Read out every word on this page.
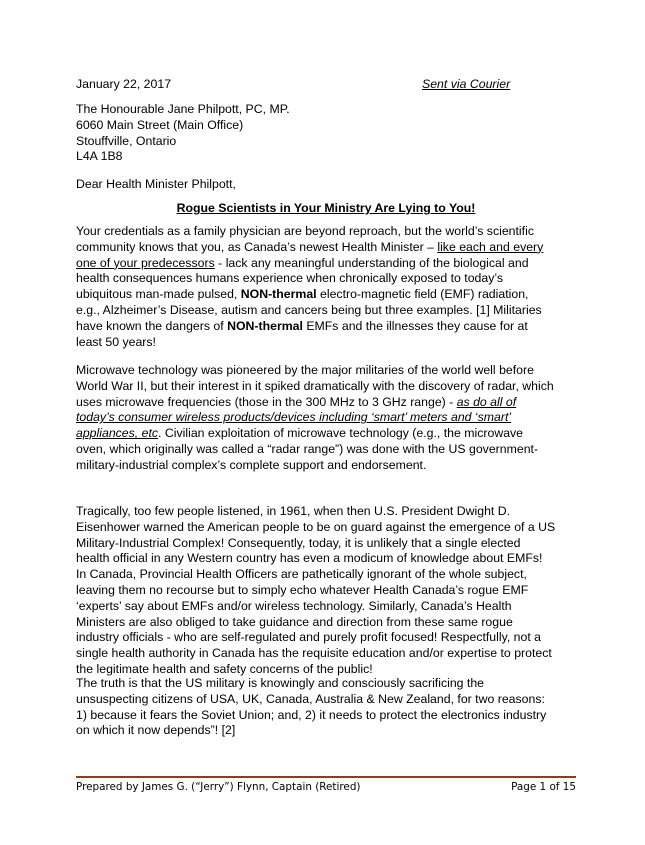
January 22, 2017	Sent via Courier
The Honourable Jane Philpott, PC, MP.
6060 Main Street (Main Office)
Stouffville, Ontario
L4A 1B8
Dear Health Minister Philpott,
Rogue Scientists in Your Ministry Are Lying to You!
Your credentials as a family physician are beyond reproach, but the world’s scientific
community knows that you, as Canada’s newest Health Minister – like each and every
one of your predecessors - lack any meaningful understanding of the biological and
health consequences humans experience when chronically exposed to today’s
ubiquitous man-made pulsed, NON-thermal electro-magnetic field (EMF) radiation,
e.g., Alzheimer’s Disease, autism and cancers being but three examples. [1] Militaries
have known the dangers of NON-thermal EMFs and the illnesses they cause for at
least 50 years!
Microwave technology was pioneered by the major militaries of the world well before
World War II, but their interest in it spiked dramatically with the discovery of radar, which
uses microwave frequencies (those in the 300 MHz to 3 GHz range) - as do all of
today’s consumer wireless products/devices including ‘smart’ meters and ‘smart’
appliances, etc. Civilian exploitation of microwave technology (e.g., the microwave
oven, which originally was called a “radar range”) was done with the US government-
military-industrial complex’s complete support and endorsement.
Tragically, too few people listened, in 1961, when then U.S. President Dwight D.
Eisenhower warned the American people to be on guard against the emergence of a US
Military-Industrial Complex! Consequently, today, it is unlikely that a single elected
health official in any Western country has even a modicum of knowledge about EMFs!
In Canada, Provincial Health Officers are pathetically ignorant of the whole subject,
leaving them no recourse but to simply echo whatever Health Canada’s rogue EMF
‘experts’ say about EMFs and/or wireless technology. Similarly, Canada’s Health
Ministers are also obliged to take guidance and direction from these same rogue
industry officials - who are self-regulated and purely profit focused! Respectfully, not a
single health authority in Canada has the requisite education and/or expertise to protect
the legitimate health and safety concerns of the public!
The truth is that the US military is knowingly and consciously sacrificing the
unsuspecting citizens of USA, UK, Canada, Australia & New Zealand, for two reasons:
1) because it fears the Soviet Union; and, 2) it needs to protect the electronics industry
on which it now depends”! [2]
Prepared by James G. (“Jerry”) Flynn, Captain (Retired)	Page 1 of 15
